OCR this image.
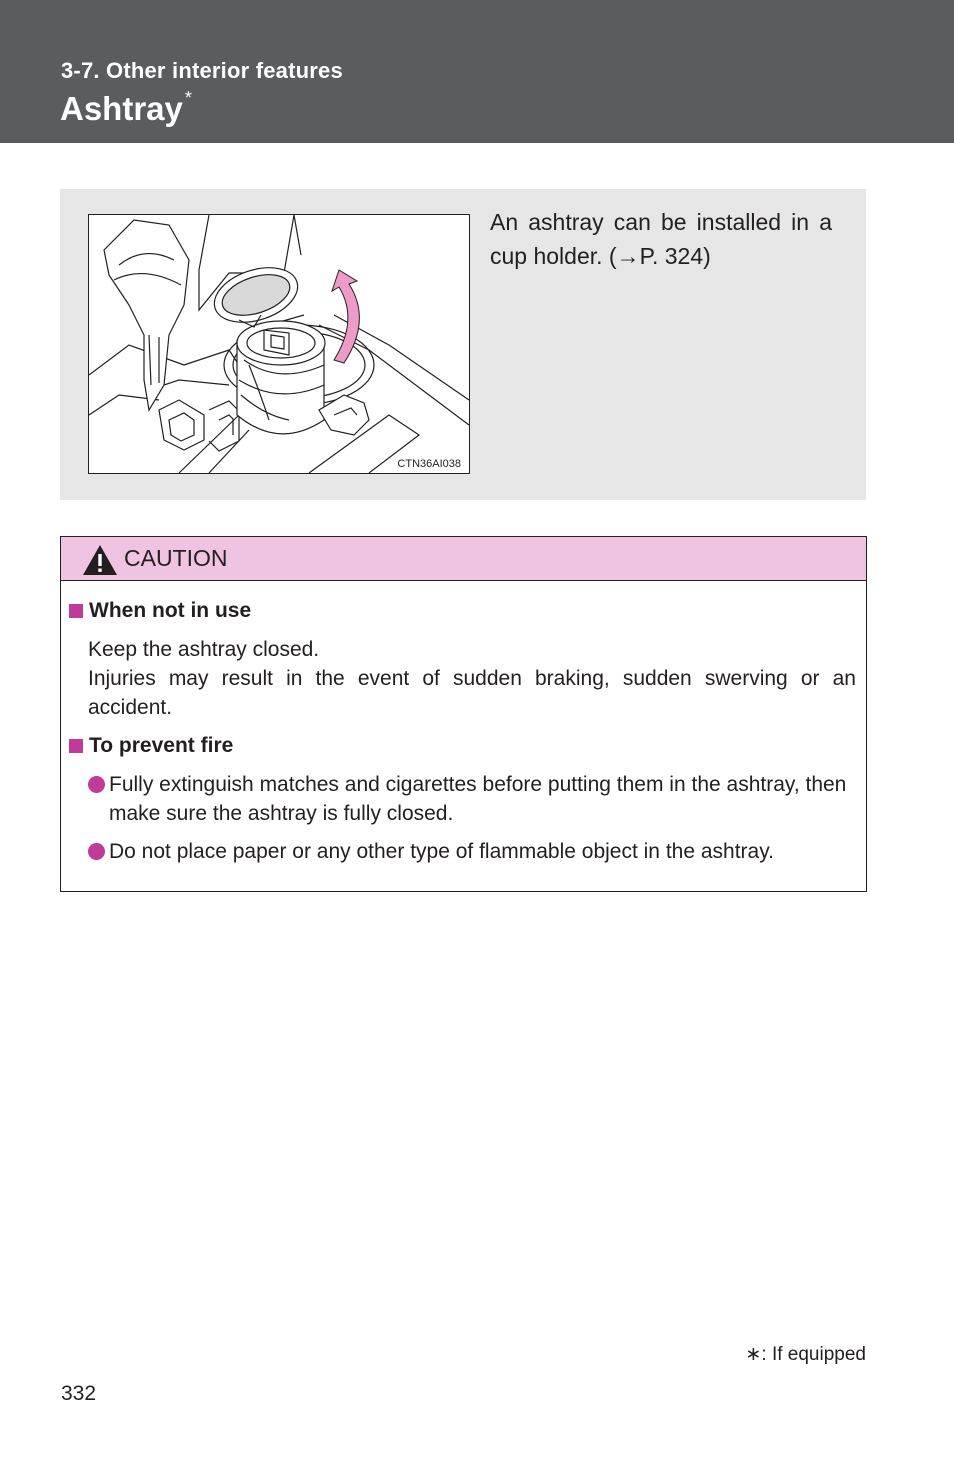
3-7. Other interior features
Ashtray *
CTN36AI038
An ashtray can be installed in a cup holder. (→P. 324)
CAUTION
When not in use
Keep the ashtray closed.
Injuries may result in the event of sudden braking, sudden swerving or an accident.
To prevent fire
Fully extinguish matches and cigarettes before putting them in the ashtray, then make sure the ashtray is fully closed.
Do not place paper or any other type of flammable object in the ashtray.
∗: If equipped
332
